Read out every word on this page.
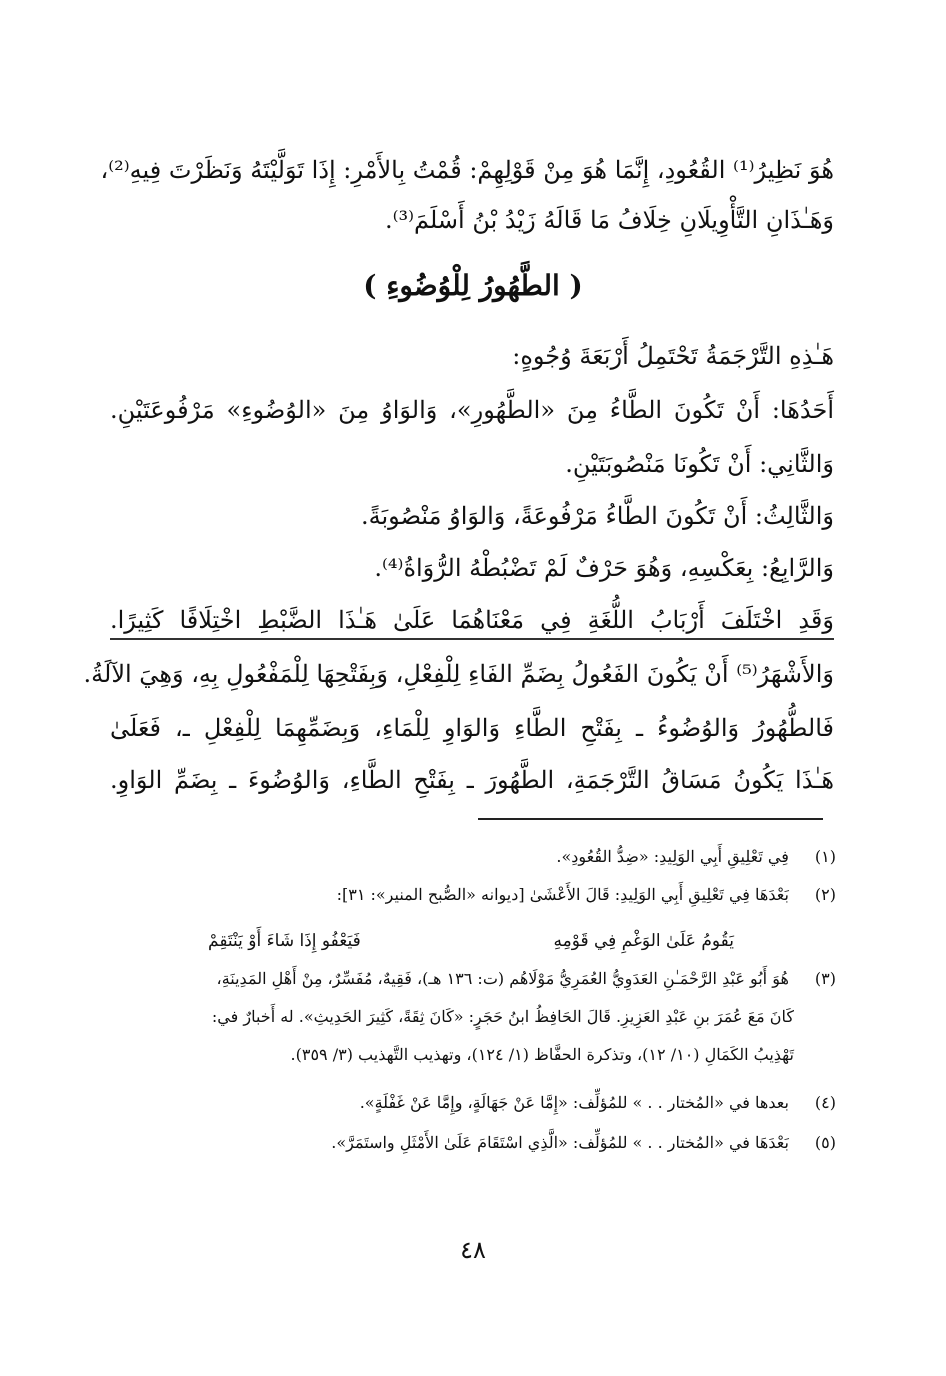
هُوَ نَظِيرُ⁽¹⁾ القُعُودِ، إِنَّمَا هُوَ مِنْ قَوْلِهِمْ: قُمْتُ بِالأَمْرِ: إِذَا تَوَلَّيْتَهُ وَنَظَرْتَ فِيهِ⁽²⁾،
وَهَـٰذَانِ التَّأْوِيلَانِ خِلَافُ مَا قَالَهُ زَيْدُ بْنُ أَسْلَمَ⁽³⁾.
( الطَّهُورُ لِلْوُضُوءِ )
هَـٰذِهِ التَّرْجَمَةُ تَحْتَمِلُ أَرْبَعَةَ وُجُوهٍ:
أَحَدُهَا: أَنْ تَكُونَ الطَّاءُ مِنَ «الطَّهُورِ»، وَالوَاوُ مِنَ «الوُضُوءِ» مَرْفُوعَتَيْنِ.
وَالثَّانِي: أَنْ تَكُونَا مَنْصُوبَتَيْنِ.
وَالثَّالِثُ: أَنْ تَكُونَ الطَّاءُ مَرْفُوعَةً، وَالوَاوُ مَنْصُوبَةً.
وَالرَّابِعُ: بِعَكْسِهِ، وَهُوَ حَرْفٌ لَمْ تَضْبُطْهُ الرُّوَاةُ⁽⁴⁾.
وَقَدِ اخْتَلَفَ أَرْبَابُ اللُّغَةِ فِي مَعْنَاهُمَا عَلَىٰ هَـٰذَا الضَّبْطِ اخْتِلَافًا كَثِيرًا.
وَالأَشْهَرُ⁽⁵⁾ أَنْ يَكُونَ الفَعُولُ بِضَمِّ الفَاءِ لِلْفِعْلِ، وَبِفَتْحِهَا لِلْمَفْعُولِ بِهِ، وَهِيَ الآلَةُ.
فَالطُّهُورُ وَالوُضُوءُ ـ بِفَتْحِ الطَّاءِ وَالوَاوِ لِلْمَاءِ، وَبِضَمِّهِمَا لِلْفِعْلِ ـ، فَعَلَىٰ
هَـٰذَا يَكُونُ مَسَاقُ التَّرْجَمَةِ، الطَّهُورَ ـ بِفَتْحِ الطَّاءِ، وَالوُضُوءَ ـ بِضَمِّ الوَاوِ.
(١) فِي تَعْلِيقِ أَبِي الوَلِيدِ: «ضِدُّ القُعُودِ».
(٢) بَعْدَهَا فِي تَعْلِيقِ أَبِي الوَلِيدِ: قَالَ الأَعْشَىٰ [ديوانه «الصُّبح المنير»: ٣١]:
يَقُومُ عَلَىٰ الوَغْمِ فِي قَوْمِهِ
فَيَعْفُو إِذَا شَاءَ أَوْ يَنْتَقِمْ
(٣) هُوَ أَبُو عَبْدِ الرَّحْمَـٰنِ العَدَوِيُّ العُمَرِيُّ مَوْلَاهُم (ت: ١٣٦ هـ)، فَقِيهٌ، مُفَسِّرٌ، مِنْ أَهْلِ المَدِينَةِ،
كَانَ مَعَ عُمَرَ بنِ عَبْدِ العَزِيزِ. قَالَ الحَافِظُ ابنُ حَجَرٍ: «كَانَ ثِقَةً، كَثِيرَ الحَدِيثِ». له أَخبارٌ في:
تَهْذِيبُ الكَمَالِ (١٠/ ١٢)، وتذكرة الحفَّاظ (١/ ١٢٤)، وتهذيب التَّهذيب (٣/ ٣٥٩).
(٤) بعدها في «المُختار . . » للمُؤلِّف: «إِمَّا عَنْ جَهَالَةٍ، وإِمَّا عَنْ غَفْلَةٍ».
(٥) بَعْدَهَا في «المُختار . . » للمُؤلِّف: «الَّذِي اسْتَقَامَ عَلَىٰ الأَمْثَلِ واستَمَرَّ».
٤٨
